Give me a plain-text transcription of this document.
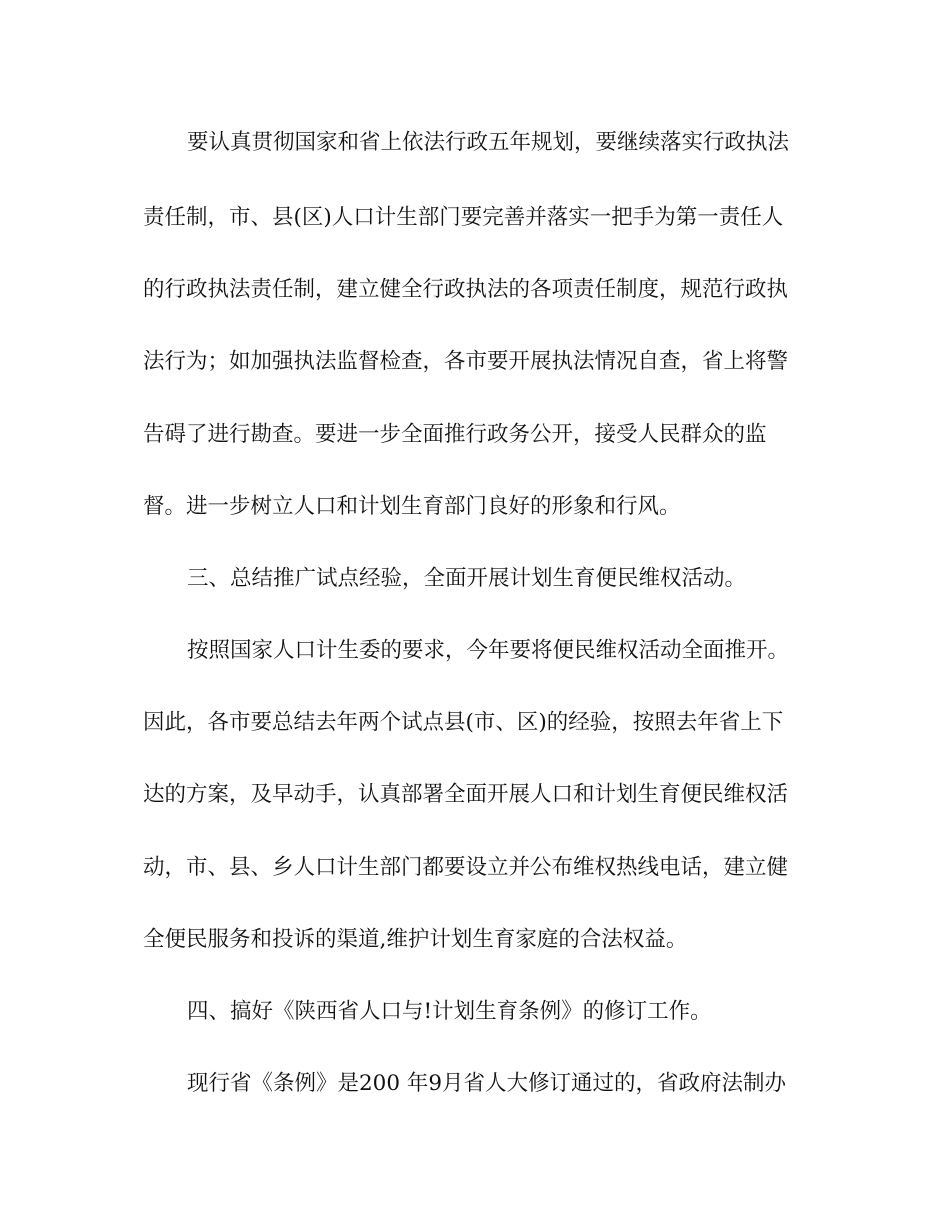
要认真贯彻国家和省上依法行政五年规划，要继续落实行政执法
责任制，市、县(区)人口计生部门要完善并落实一把手为第一责任人
的行政执法责任制，建立健全行政执法的各项责任制度，规范行政执
法行为；如加强执法监督检查，各市要开展执法情况自查，省上将警
告碍了进行勘查。要进一步全面推行政务公开，接受人民群众的监
督。进一步树立人口和计划生育部门良好的形象和行风。
三、总结推广试点经验，全面开展计划生育便民维权活动。
按照国家人口计生委的要求，今年要将便民维权活动全面推开。
因此，各市要总结去年两个试点县(市、区)的经验，按照去年省上下
达的方案，及早动手，认真部署全面开展人口和计划生育便民维权活
动，市、县、乡人口计生部门都要设立并公布维权热线电话，建立健
全便民服务和投诉的渠道,维护计划生育家庭的合法权益。
四、搞好《陕西省人口与!计划生育条例》的修订工作。
现行省《条例》是200 年9月省人大修订通过的，省政府法制办
